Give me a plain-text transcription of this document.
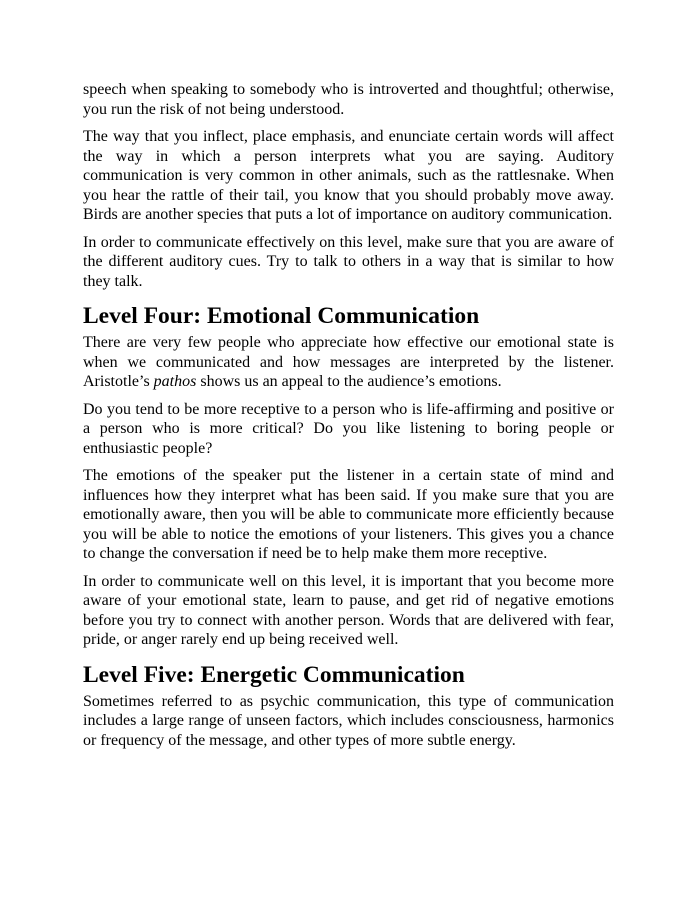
speech when speaking to somebody who is introverted and thoughtful; otherwise, you run the risk of not being understood.

The way that you inflect, place emphasis, and enunciate certain words will affect the way in which a person interprets what you are saying. Auditory communication is very common in other animals, such as the rattlesnake. When you hear the rattle of their tail, you know that you should probably move away. Birds are another species that puts a lot of importance on auditory communication.

In order to communicate effectively on this level, make sure that you are aware of the different auditory cues. Try to talk to others in a way that is similar to how they talk.

Level Four: Emotional Communication

There are very few people who appreciate how effective our emotional state is when we communicated and how messages are interpreted by the listener. Aristotle’s pathos shows us an appeal to the audience’s emotions.

Do you tend to be more receptive to a person who is life-affirming and positive or a person who is more critical? Do you like listening to boring people or enthusiastic people?

The emotions of the speaker put the listener in a certain state of mind and influences how they interpret what has been said. If you make sure that you are emotionally aware, then you will be able to communicate more efficiently because you will be able to notice the emotions of your listeners. This gives you a chance to change the conversation if need be to help make them more receptive.

In order to communicate well on this level, it is important that you become more aware of your emotional state, learn to pause, and get rid of negative emotions before you try to connect with another person. Words that are delivered with fear, pride, or anger rarely end up being received well.

Level Five: Energetic Communication

Sometimes referred to as psychic communication, this type of communication includes a large range of unseen factors, which includes consciousness, harmonics or frequency of the message, and other types of more subtle energy.
